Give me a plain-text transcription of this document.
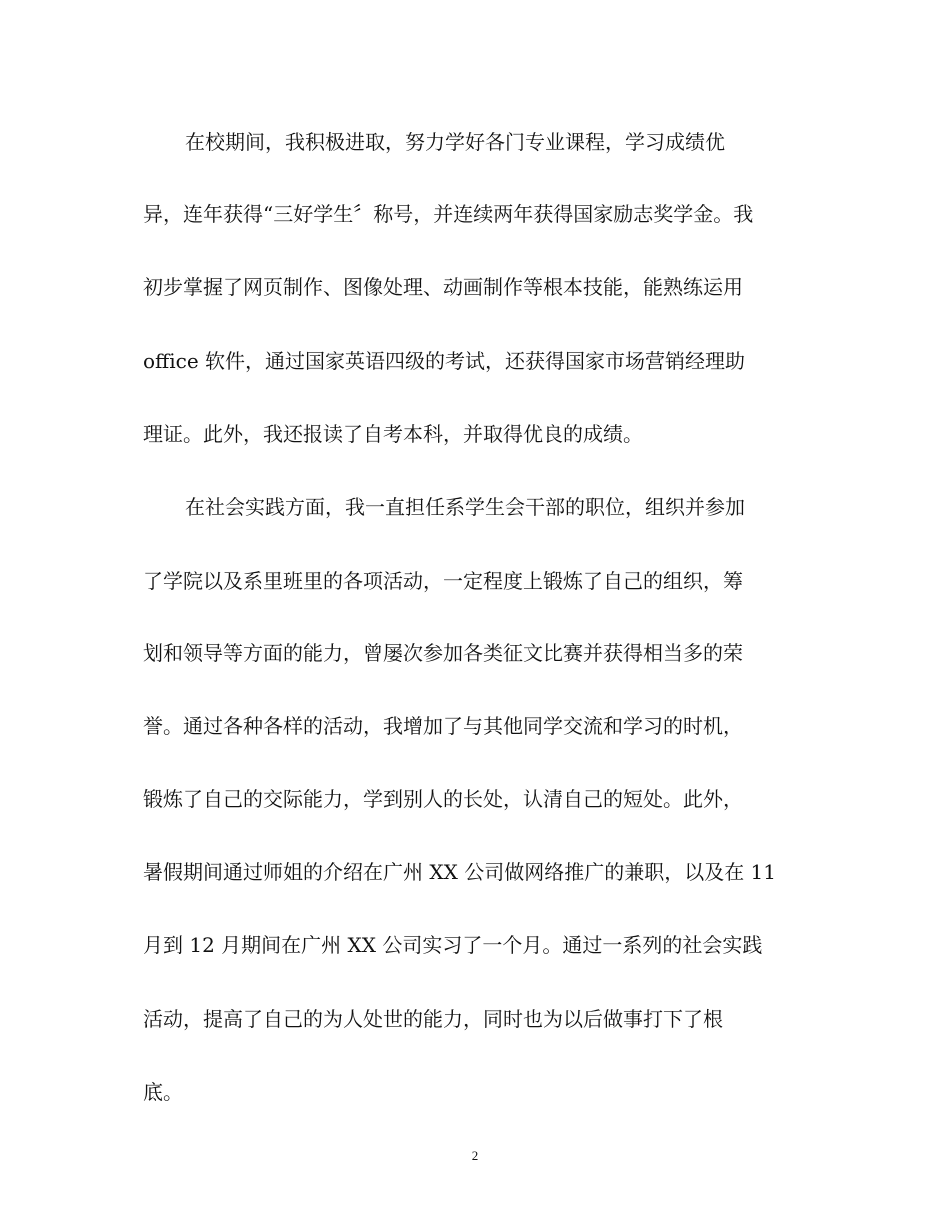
在校期间，我积极进取，努力学好各门专业课程，学习成绩优
异，连年获得“三好学生〞称号，并连续两年获得国家励志奖学金。我
初步掌握了网页制作、图像处理、动画制作等根本技能，能熟练运用
office 软件，通过国家英语四级的考试，还获得国家市场营销经理助
理证。此外，我还报读了自考本科，并取得优良的成绩。
在社会实践方面，我一直担任系学生会干部的职位，组织并参加
了学院以及系里班里的各项活动，一定程度上锻炼了自己的组织，筹
划和领导等方面的能力，曾屡次参加各类征文比赛并获得相当多的荣
誉。通过各种各样的活动，我增加了与其他同学交流和学习的时机，
锻炼了自己的交际能力，学到别人的长处，认清自己的短处。此外，
暑假期间通过师姐的介绍在广州 XX 公司做网络推广的兼职，以及在 11
月到 12 月期间在广州 XX 公司实习了一个月。通过一系列的社会实践
活动，提高了自己的为人处世的能力，同时也为以后做事打下了根
底。
2
